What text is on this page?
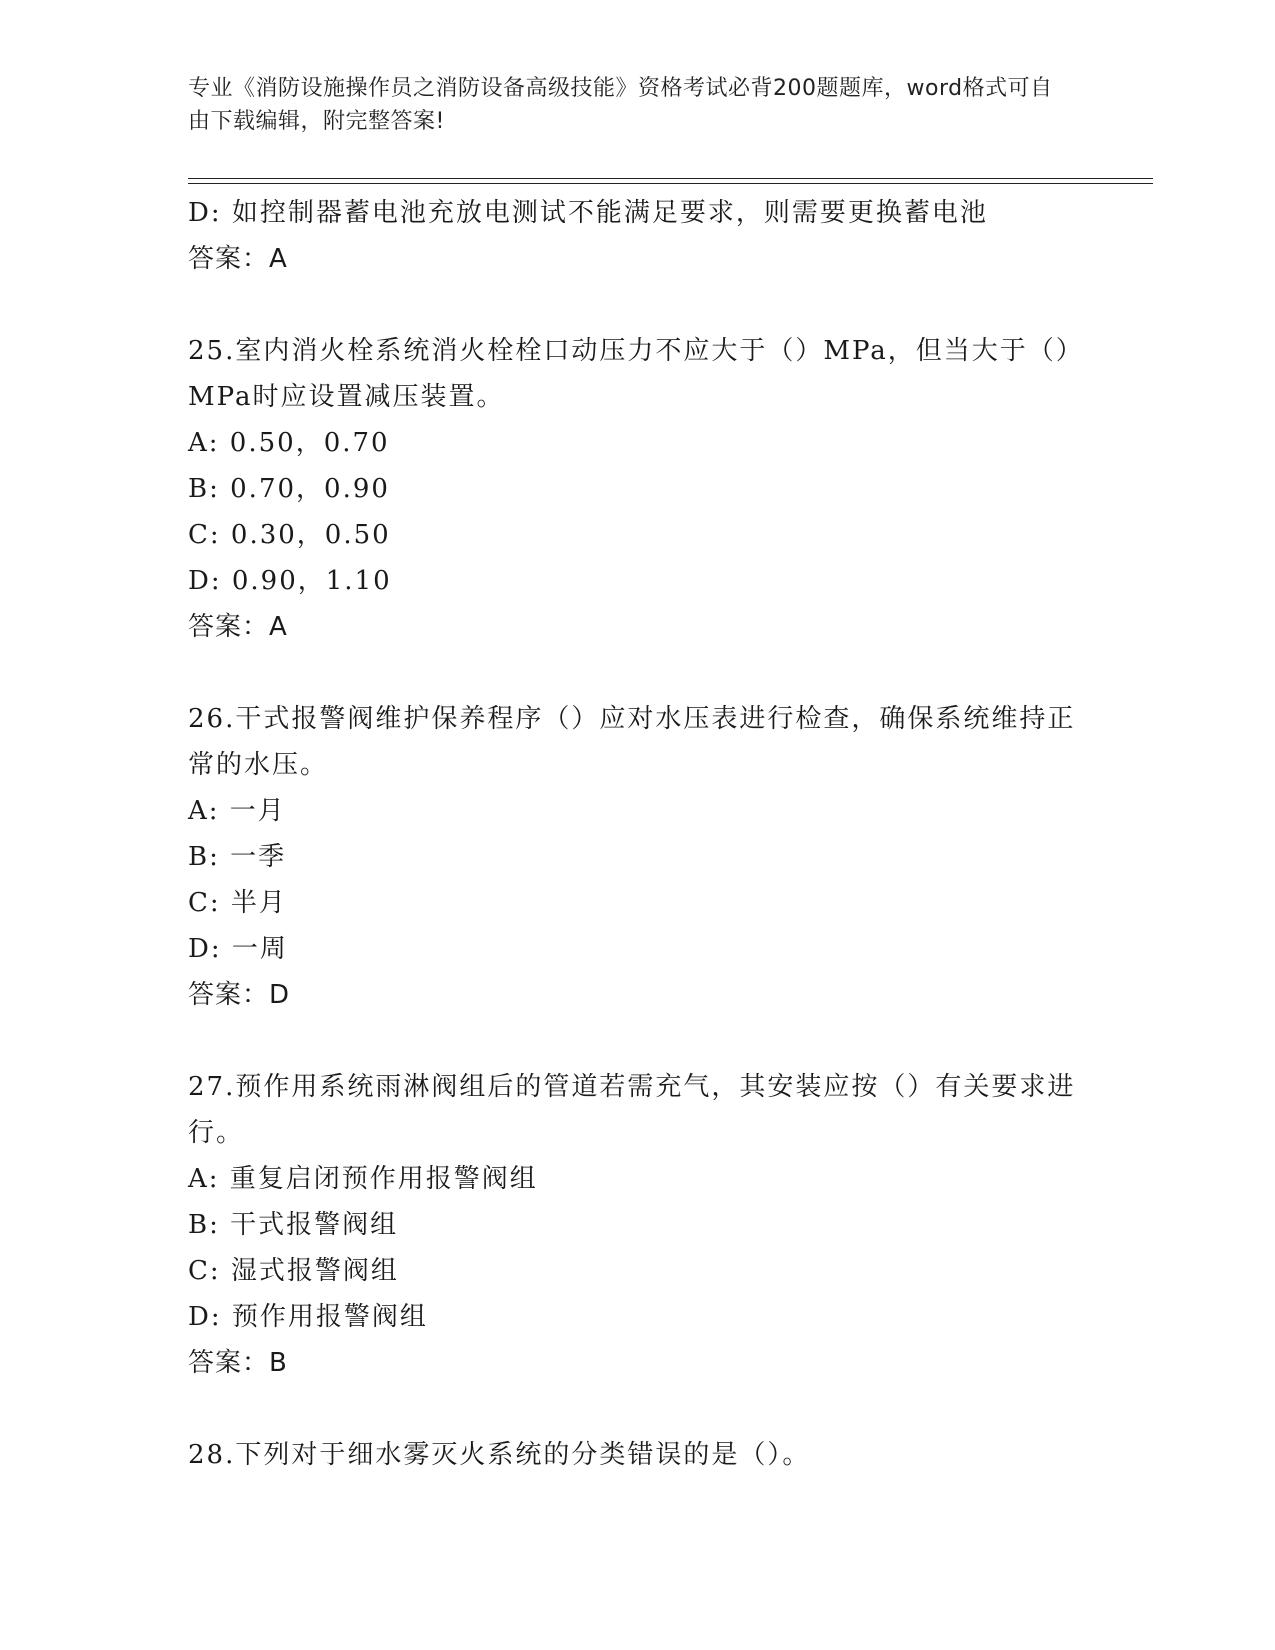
专业《消防设施操作员之消防设备高级技能》资格考试必背200题题库，word格式可自由下载编辑，附完整答案!
D: 如控制器蓄电池充放电测试不能满足要求，则需要更换蓄电池
答案：A
25.室内消火栓系统消火栓栓口动压力不应大于（）MPa，但当大于（）MPa时应设置减压装置。
A: 0.50，0.70
B: 0.70，0.90
C: 0.30，0.50
D: 0.90，1.10
答案：A
26.干式报警阀维护保养程序（）应对水压表进行检查，确保系统维持正常的水压。
A: 一月
B: 一季
C: 半月
D: 一周
答案：D
27.预作用系统雨淋阀组后的管道若需充气，其安装应按（）有关要求进行。
A: 重复启闭预作用报警阀组
B: 干式报警阀组
C: 湿式报警阀组
D: 预作用报警阀组
答案：B
28.下列对于细水雾灭火系统的分类错误的是（）。
